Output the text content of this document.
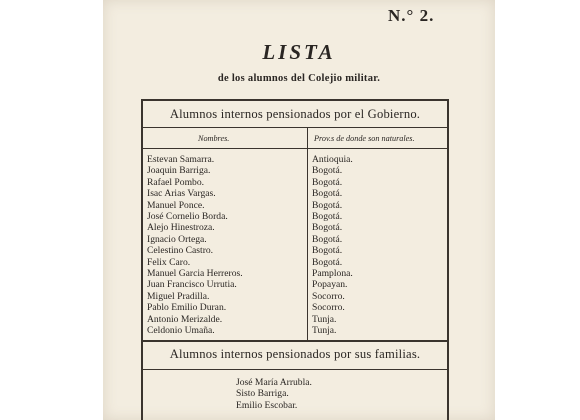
N.° 2.
LISTA
de los alumnos del Colejio militar.
Alumnos internos pensionados por el Gobierno.
Nombres.	Prov.s de donde son naturales.
Estevan Samarra.
Joaquin Barriga.
Rafael Pombo.
Isac Arias Vargas.
Manuel Ponce.
José Cornelio Borda.
Alejo Hinestroza.
Ignacio Ortega.
Celestino Castro.
Felix Caro.
Manuel Garcia Herreros.
Juan Francisco Urrutia.
Miguel Pradilla.
Pablo Emilio Duran.
Antonio Merizalde.
Celdonio Umaña.
Antioquia.
Bogotá.
Bogotá.
Bogotá.
Bogotá.
Bogotá.
Bogotá.
Bogotá.
Bogotá.
Bogotá.
Pamplona.
Popayan.
Socorro.
Socorro.
Tunja.
Tunja.
Alumnos internos pensionados por sus familias.
José María Arrubla.
Sisto Barriga.
Emilio Escobar.
